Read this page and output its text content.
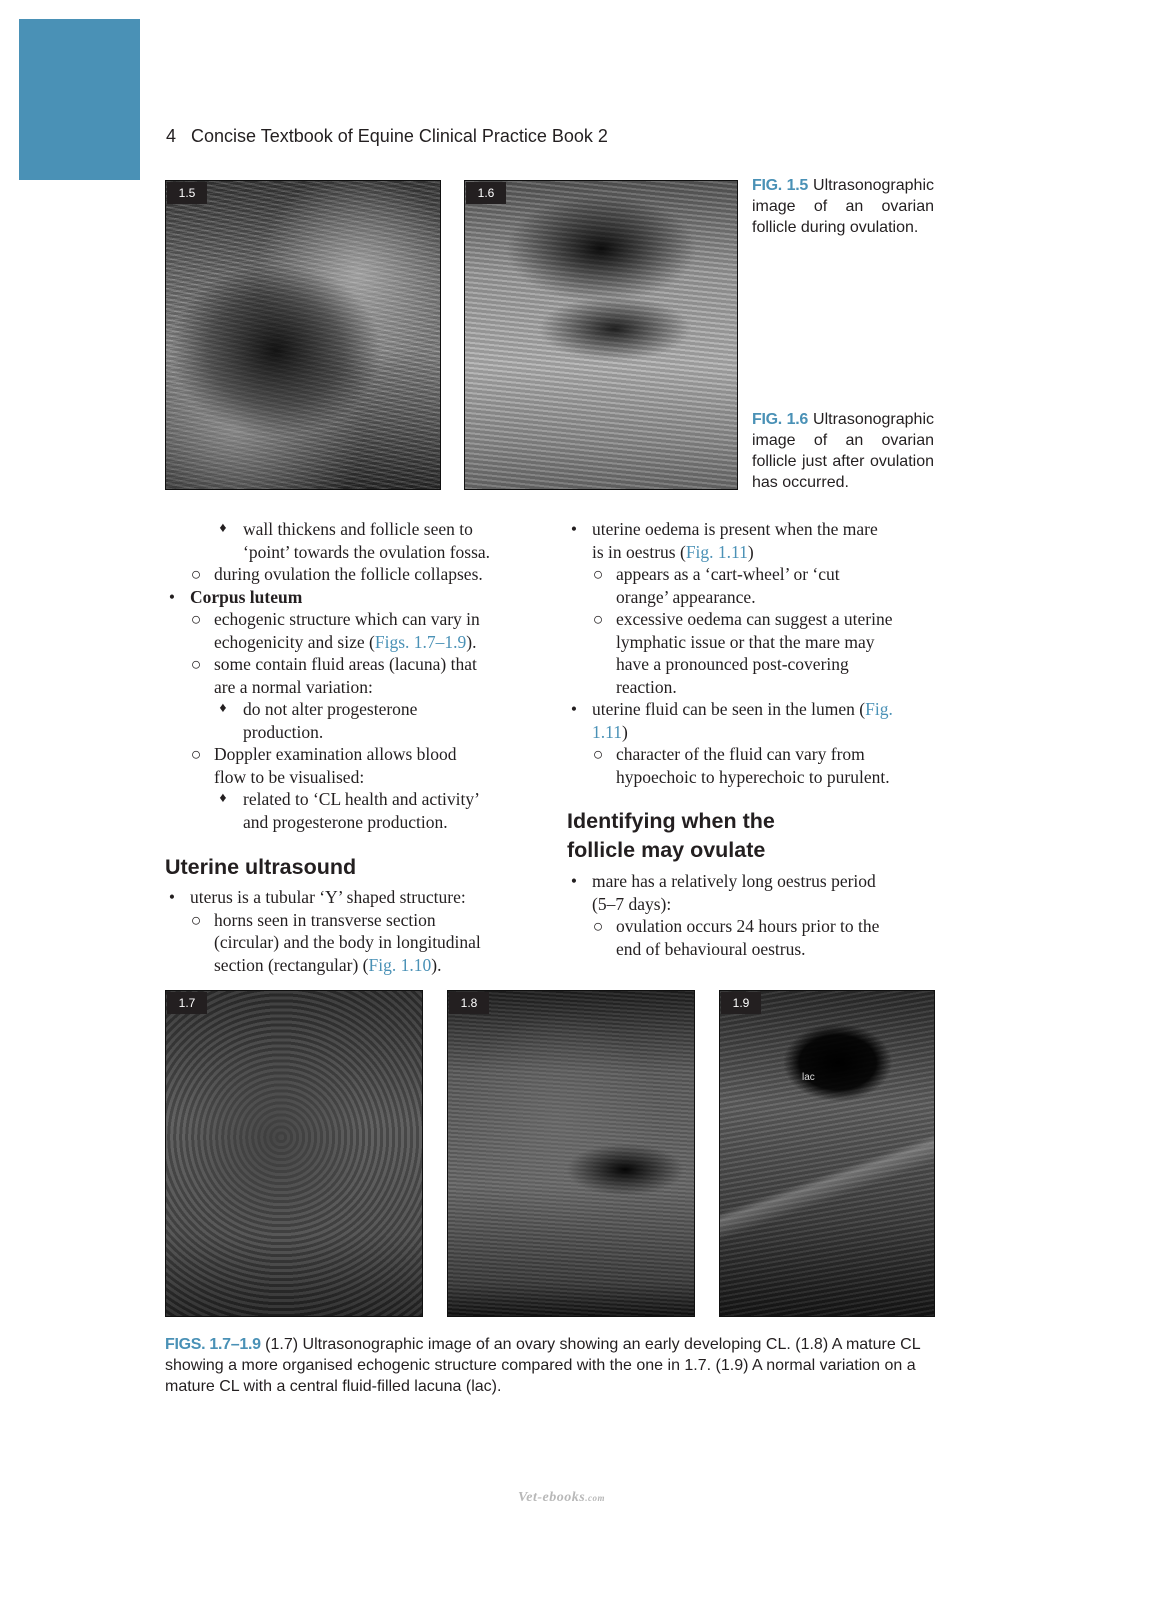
4 Concise Textbook of Equine Clinical Practice Book 2
1.5	1.6	FIG. 1.5 Ultrasonographic image of an ovarian follicle during ovulation.
FIG. 1.6 Ultrasonographic image of an ovarian follicle just after ovulation has occurred.
♦ wall thickens and follicle seen to
‘point’ towards the ovulation fossa.
○ during ovulation the follicle collapses.
• Corpus luteum
○ echogenic structure which can vary in
echogenicity and size (Figs. 1.7–1.9).
○ some contain fluid areas (lacuna) that
are a normal variation:
♦ do not alter progesterone
production.
○ Doppler examination allows blood
flow to be visualised:
♦ related to ‘CL health and activity’
and progesterone production.
Uterine ultrasound
• uterus is a tubular ‘Y’ shaped structure:
○ horns seen in transverse section
(circular) and the body in longitudinal
section (rectangular) (Fig. 1.10).
• uterine oedema is present when the mare
is in oestrus (Fig. 1.11)
○ appears as a ‘cart-wheel’ or ‘cut
orange’ appearance.
○ excessive oedema can suggest a uterine
lymphatic issue or that the mare may
have a pronounced post-covering
reaction.
• uterine fluid can be seen in the lumen (Fig.
1.11)
○ character of the fluid can vary from
hypoechoic to hyperechoic to purulent.
Identifying when the
follicle may ovulate
• mare has a relatively long oestrus period
(5–7 days):
○ ovulation occurs 24 hours prior to the
end of behavioural oestrus.
1.7	1.8	1.9
lac
FIGS. 1.7–1.9 (1.7) Ultrasonographic image of an ovary showing an early developing CL. (1.8) A mature CL showing a more organised echogenic structure compared with the one in 1.7. (1.9) A normal variation on a mature CL with a central fluid-filled lacuna (lac).
Vet-ebooks.com
